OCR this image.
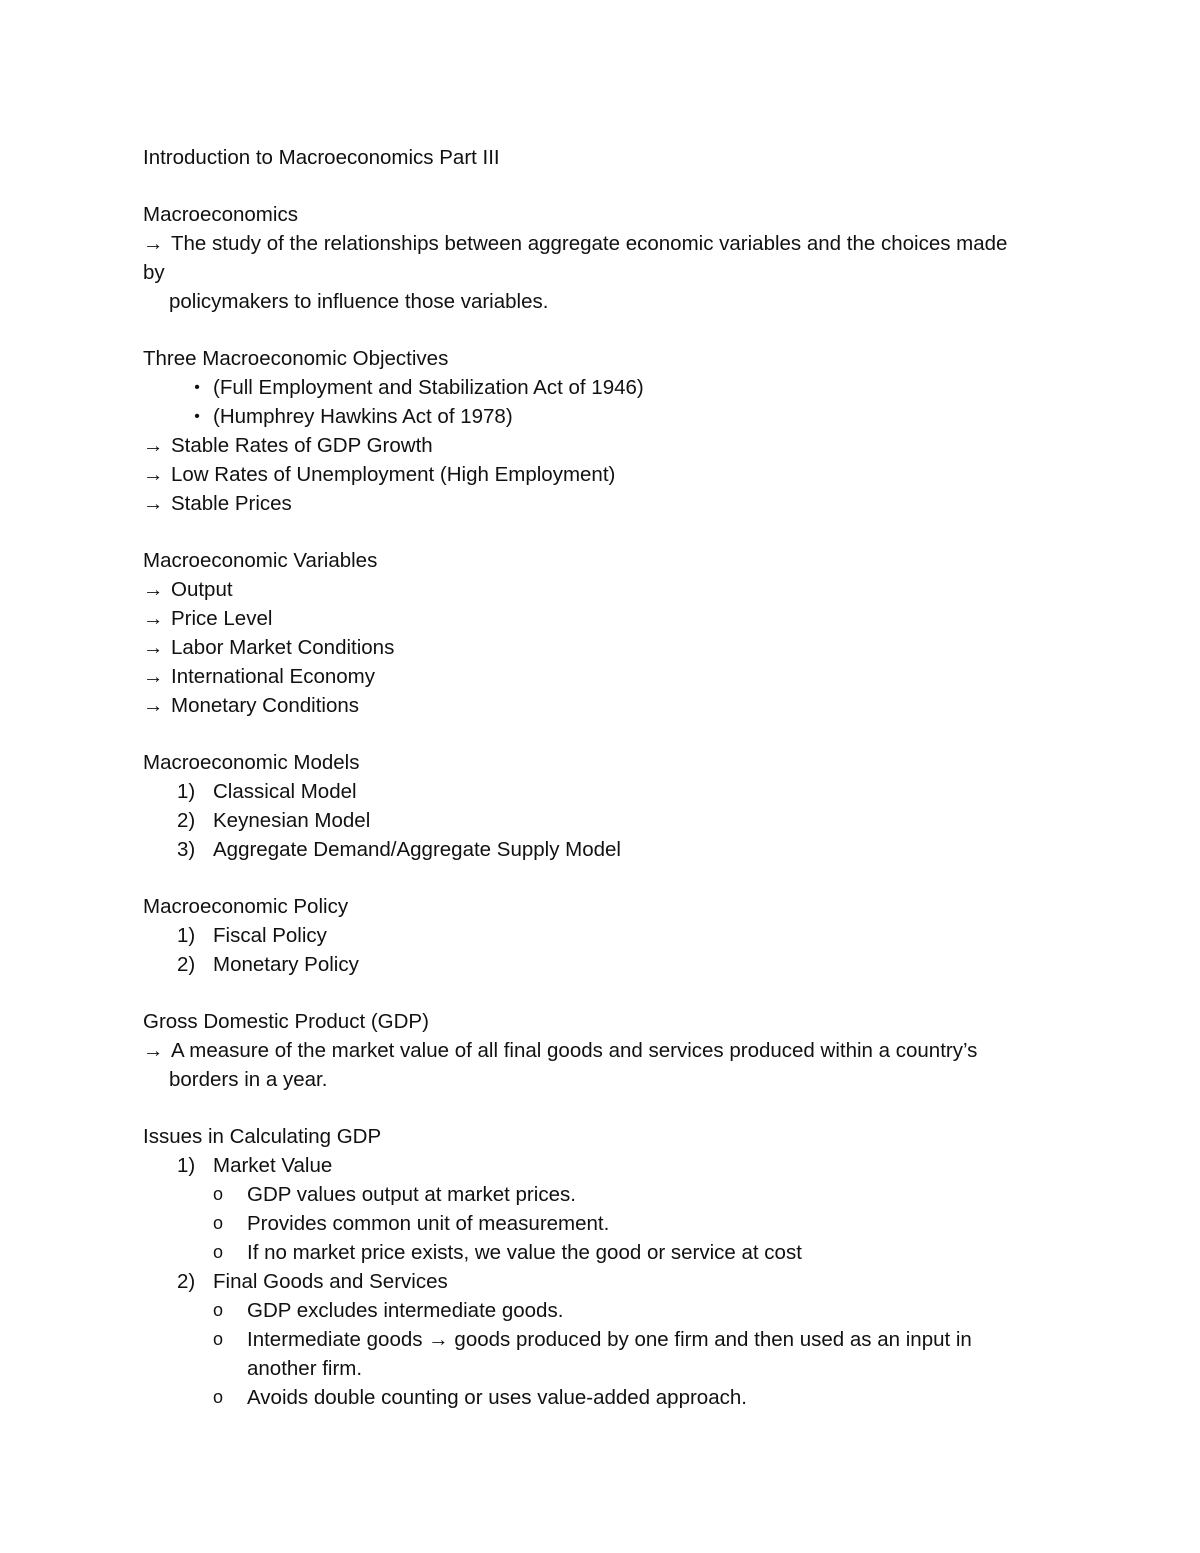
Introduction to Macroeconomics Part III
Macroeconomics
→ The study of the relationships between aggregate economic variables and the choices made
by
policymakers to influence those variables.
Three Macroeconomic Objectives
• (Full Employment and Stabilization Act of 1946)
• (Humphrey Hawkins Act of 1978)
→ Stable Rates of GDP Growth
→ Low Rates of Unemployment (High Employment)
→ Stable Prices
Macroeconomic Variables
→ Output
→ Price Level
→ Labor Market Conditions
→ International Economy
→ Monetary Conditions
Macroeconomic Models
1) Classical Model
2) Keynesian Model
3) Aggregate Demand/Aggregate Supply Model
Macroeconomic Policy
1) Fiscal Policy
2) Monetary Policy
Gross Domestic Product (GDP)
→ A measure of the market value of all final goods and services produced within a country’s
borders in a year.
Issues in Calculating GDP
1) Market Value
o	GDP values output at market prices.
o	Provides common unit of measurement.
o	If no market price exists, we value the good or service at cost
2) Final Goods and Services
o	GDP excludes intermediate goods.
o	Intermediate goods → goods produced by one firm and then used as an input in another firm.
o	Avoids double counting or uses value-added approach.
